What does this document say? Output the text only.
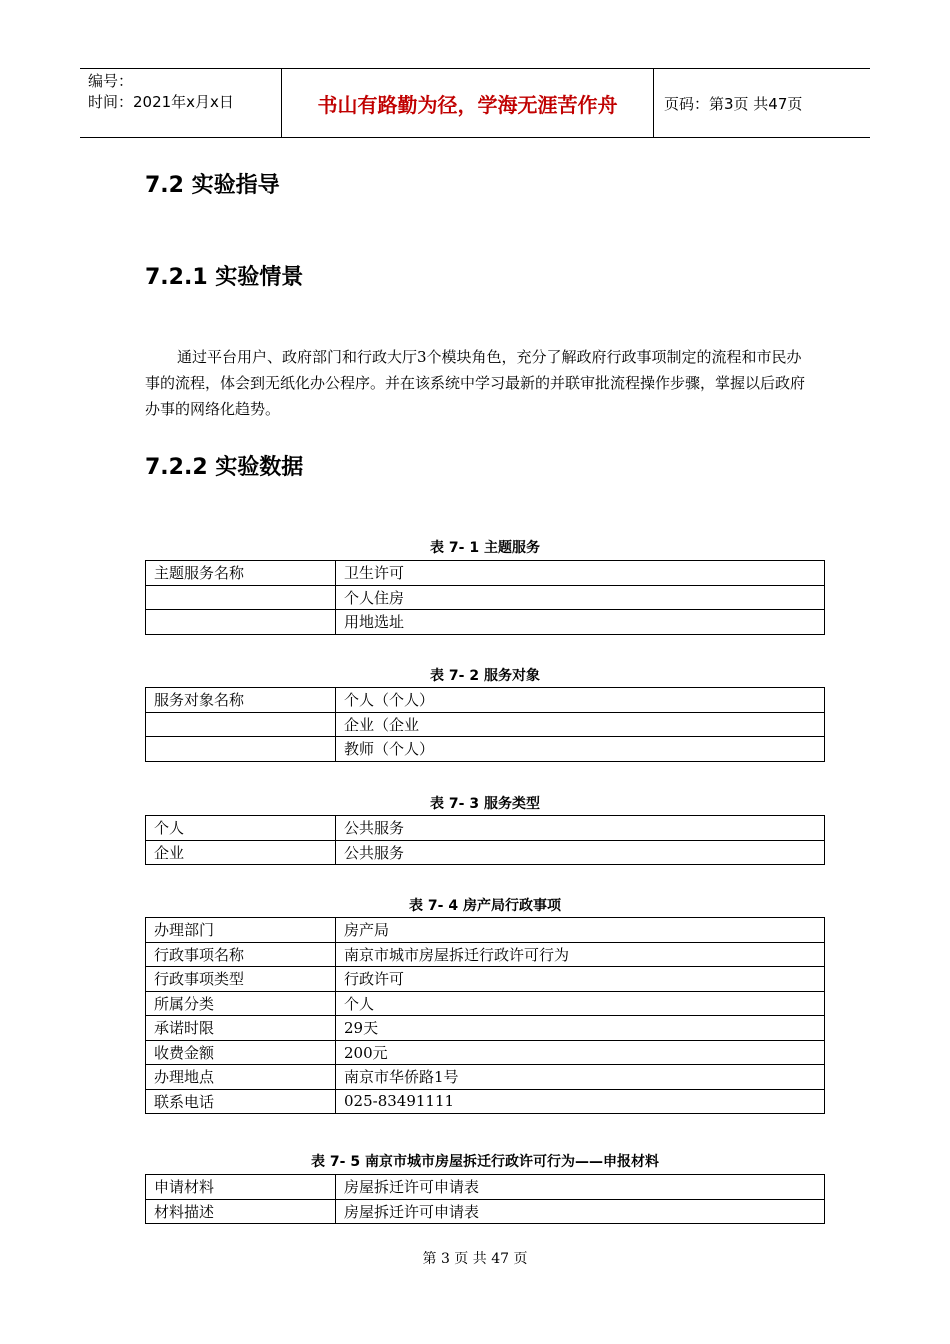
编号：
时间：2021年x月x日	书山有路勤为径，学海无涯苦作舟	页码：第3页 共47页
7.2 实验指导
7.2.1 实验情景

通过平台用户、政府部门和行政大厅3个模块角色，充分了解政府行政事项制定的流程和市民办事的流程，体会到无纸化办公程序。并在该系统中学习最新的并联审批流程操作步骤，掌握以后政府办事的网络化趋势。

7.2.2 实验数据

表 7- 1 主题服务

主题服务名称	卫生许可
	个人住房
	用地选址

表 7- 2 服务对象

服务对象名称	个人（个人）
	企业（企业
	教师（个人）

表 7- 3 服务类型

个人	公共服务
企业	公共服务

表 7- 4 房产局行政事项

办理部门	房产局
行政事项名称	南京市城市房屋拆迁行政许可行为
行政事项类型	行政许可
所属分类	个人
承诺时限	29天
收费金额	200元
办理地点	南京市华侨路1号
联系电话	025-83491111

表 7- 5 南京市城市房屋拆迁行政许可行为——申报材料

申请材料	房屋拆迁许可申请表
材料描述	房屋拆迁许可申请表

第 3 页 共 47 页
